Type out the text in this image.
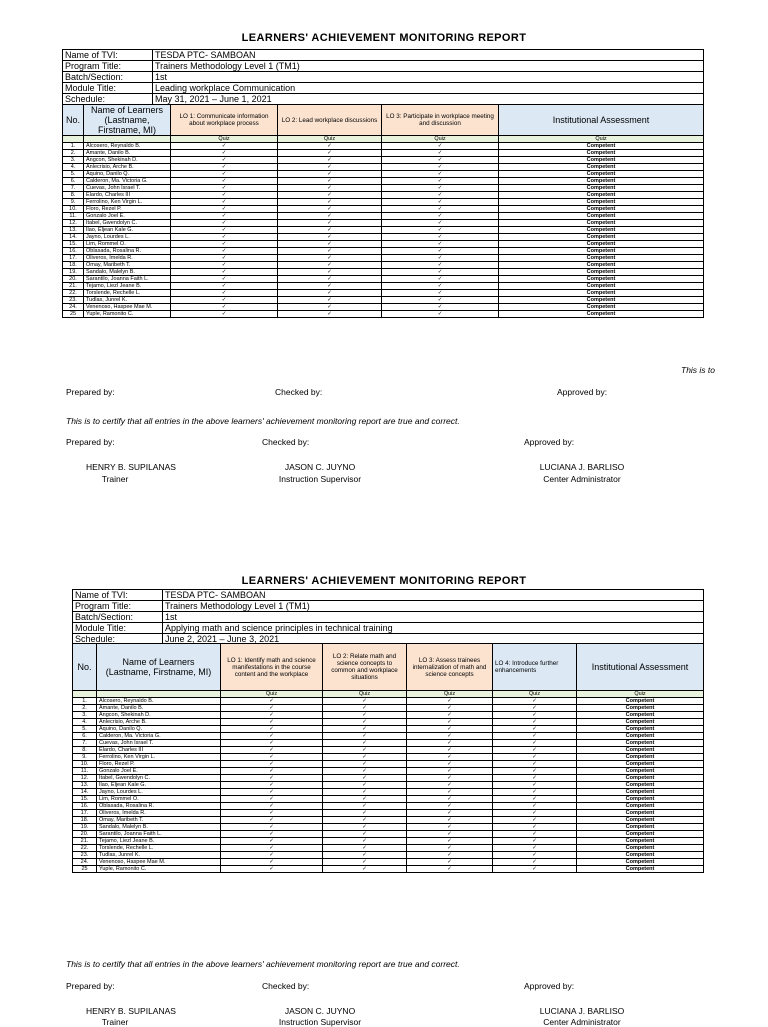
LEARNERS' ACHIEVEMENT MONITORING REPORT
Name of TVI:	TESDA PTC- SAMBOAN
Program Title:	Trainers Methodology Level 1 (TM1)
Batch/Section:	1st
Module Title:	Leading workplace Communication
Schedule:	May 31, 2021 – June 1, 2021
No.	Name of Learners (Lastname, Firstname, MI)	LO 1: Communicate information about workplace process	LO 2: Lead workplace discussions	LO 3: Participate in workplace meeting and discussion	Institutional Assessment
		Quiz	Quiz	Quiz	Quiz
1.	Alcosero, Reynaldo B.	✓	✓	✓	Competent
2.	Amante, Danilo B.	✓	✓	✓	Competent
3.	Angcon, Shekinah D.	✓	✓	✓	Competent
4.	Anlecrisio, Arche B.	✓	✓	✓	Competent
5.	Aquino, Danilo Q.	✓	✓	✓	Competent
6.	Calderon, Ma. Victoria G.	✓	✓	✓	Competent
7.	Cuevas, John Israel T.	✓	✓	✓	Competent
8.	Elardo, Charles III	✓	✓	✓	Competent
9.	Ferrolino, Ken Virgin L.	✓	✓	✓	Competent
10.	Floro, Rezel P.	✓	✓	✓	Competent
11.	Gonzalo Joel E.	✓	✓	✓	Competent
12.	Itabel, Gwendolyn C.	✓	✓	✓	Competent
13.	Ilao, Eljean Kale G.	✓	✓	✓	Competent
14.	Jayno, Lourdes L.	✓	✓	✓	Competent
15.	Lim, Rommel O.	✓	✓	✓	Competent
16.	Oblasada, Rosalina R.	✓	✓	✓	Competent
17.	Oliveros, Imelda R.	✓	✓	✓	Competent
18.	Omay, Maribeth T.	✓	✓	✓	Competent
19.	Sandalo, Malelyn B.	✓	✓	✓	Competent
20.	Sarantilo, Joanna Faith L.	✓	✓	✓	Competent
21.	Tejamo, Liezl Jeane B.	✓	✓	✓	Competent
22.	Torslende, Rechelle L.	✓	✓	✓	Competent
23.	Tudlas, Junrel K.	✓	✓	✓	Competent
24.	Venenoso, Haspee Mae M.	✓	✓	✓	Competent
25	Yuple, Ramonito C.	✓	✓	✓	Competent
This is to
Prepared by:	Checked by:	Approved by:
This is to certify that all entries in the above learners' achievement monitoring report are true and correct.
Prepared by:	Checked by:	Approved by:
HENRY B. SUPILANAS
Trainer
JASON C. JUYNO
Instruction Supervisor
LUCIANA J. BARLISO
Center Administrator
LEARNERS' ACHIEVEMENT MONITORING REPORT
Name of TVI:	TESDA PTC- SAMBOAN
Program Title:	Trainers Methodology Level 1 (TM1)
Batch/Section:	1st
Module Title:	Applying math and science principles in technical training
Schedule:	June 2, 2021 – June 3, 2021
No.	Name of Learners (Lastname, Firstname, MI)	LO 1: Identify math and science manifestations in the course content and the workplace	LO 2: Relate math and science concepts to common and workplace situations	LO 3: Assess trainees internalization of math and science concepts	LO 4: Introduce further enhancements	Institutional Assessment
		Quiz	Quiz	Quiz	Quiz	Quiz
1.	Alcosero, Reynaldo B.	✓	✓	✓	✓	Competent
2.	Amante, Danilo B.	✓	✓	✓	✓	Competent
3.	Angcon, Shekinah D.	✓	✓	✓	✓	Competent
4.	Anlecrisio, Arche B.	✓	✓	✓	✓	Competent
5.	Aquino, Danilo Q.	✓	✓	✓	✓	Competent
6.	Calderon, Ma. Victoria G.	✓	✓	✓	✓	Competent
7.	Cuevas, John Israel T.	✓	✓	✓	✓	Competent
8.	Elardo, Charles III	✓	✓	✓	✓	Competent
9.	Ferrolino, Ken Virgin L.	✓	✓	✓	✓	Competent
10.	Floro, Rezel P.	✓	✓	✓	✓	Competent
11.	Gonzalo Joel E.	✓	✓	✓	✓	Competent
12.	Itabel, Gwendolyn C.	✓	✓	✓	✓	Competent
13.	Ilao, Eljean Kale G.	✓	✓	✓	✓	Competent
14.	Jayno, Lourdes L.	✓	✓	✓	✓	Competent
15.	Lim, Rommel O.	✓	✓	✓	✓	Competent
16.	Oblasada, Rosalina R.	✓	✓	✓	✓	Competent
17.	Oliveros, Imelda R.	✓	✓	✓	✓	Competent
18.	Omay, Maribeth T.	✓	✓	✓	✓	Competent
19.	Sandalo, Malelyn B.	✓	✓	✓	✓	Competent
20.	Sarantilo, Joanna Faith L.	✓	✓	✓	✓	Competent
21.	Tejamo, Liezl Jeane B.	✓	✓	✓	✓	Competent
22.	Torslende, Rechelle L.	✓	✓	✓	✓	Competent
23.	Tudlas, Junrel K.	✓	✓	✓	✓	Competent
24.	Venenoso, Haspee Mae M.	✓	✓	✓	✓	Competent
25	Yuple, Ramonito C.	✓	✓	✓	✓	Competent
This is to certify that all entries in the above learners' achievement monitoring report are true and correct.
Prepared by:	Checked by:	Approved by:
HENRY B. SUPILANAS
Trainer
JASON C. JUYNO
Instruction Supervisor
LUCIANA J. BARLISO
Center Administrator
